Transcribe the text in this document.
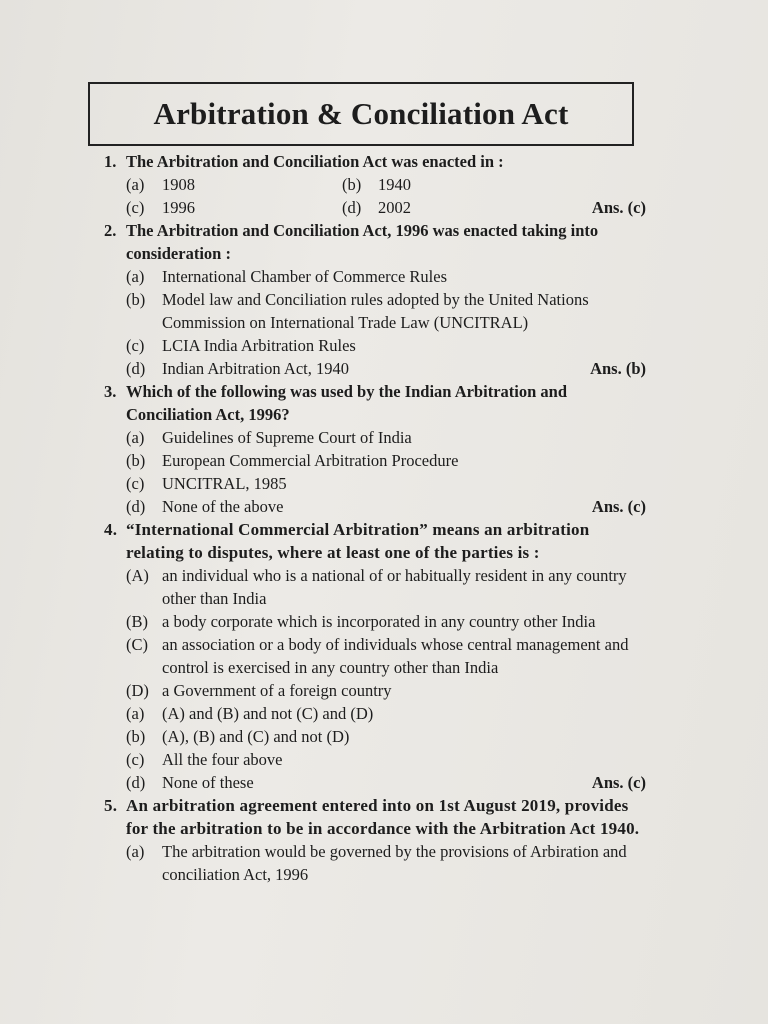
Arbitration & Conciliation Act
1. The Arbitration and Conciliation Act was enacted in :
(a)	1908	(b)	1940
(c)	1996	(d)	2002	Ans. (c)
2. The Arbitration and Conciliation Act, 1996 was enacted taking into consideration :
(a)	International Chamber of Commerce Rules
(b)	Model law and Conciliation rules adopted by the United Nations Commission on International Trade Law (UNCITRAL)
(c)	LCIA India Arbitration Rules
(d)	Indian Arbitration Act, 1940	Ans. (b)
3. Which of the following was used by the Indian Arbitration and Conciliation Act, 1996?
(a)	Guidelines of Supreme Court of India
(b)	European Commercial Arbitration Procedure
(c)	UNCITRAL, 1985
(d)	None of the above	Ans. (c)
4. “International Commercial Arbitration” means an arbitration relating to disputes, where at least one of the parties is :
(A) an individual who is a national of or habitually resident in any country other than India
(B) a body corporate which is incorporated in any country other India
(C) an association or a body of individuals whose central management and control is exercised in any country other than India
(D) a Government of a foreign country
(a)	(A) and (B) and not (C) and (D)
(b)	(A), (B) and (C) and not (D)
(c)	All the four above
(d)	None of these	Ans. (c)
5. An arbitration agreement entered into on 1st August 2019, provides for the arbitration to be in accordance with the Arbitration Act 1940.
(a)	The arbitration would be governed by the provisions of Arbiration and conciliation Act, 1996
